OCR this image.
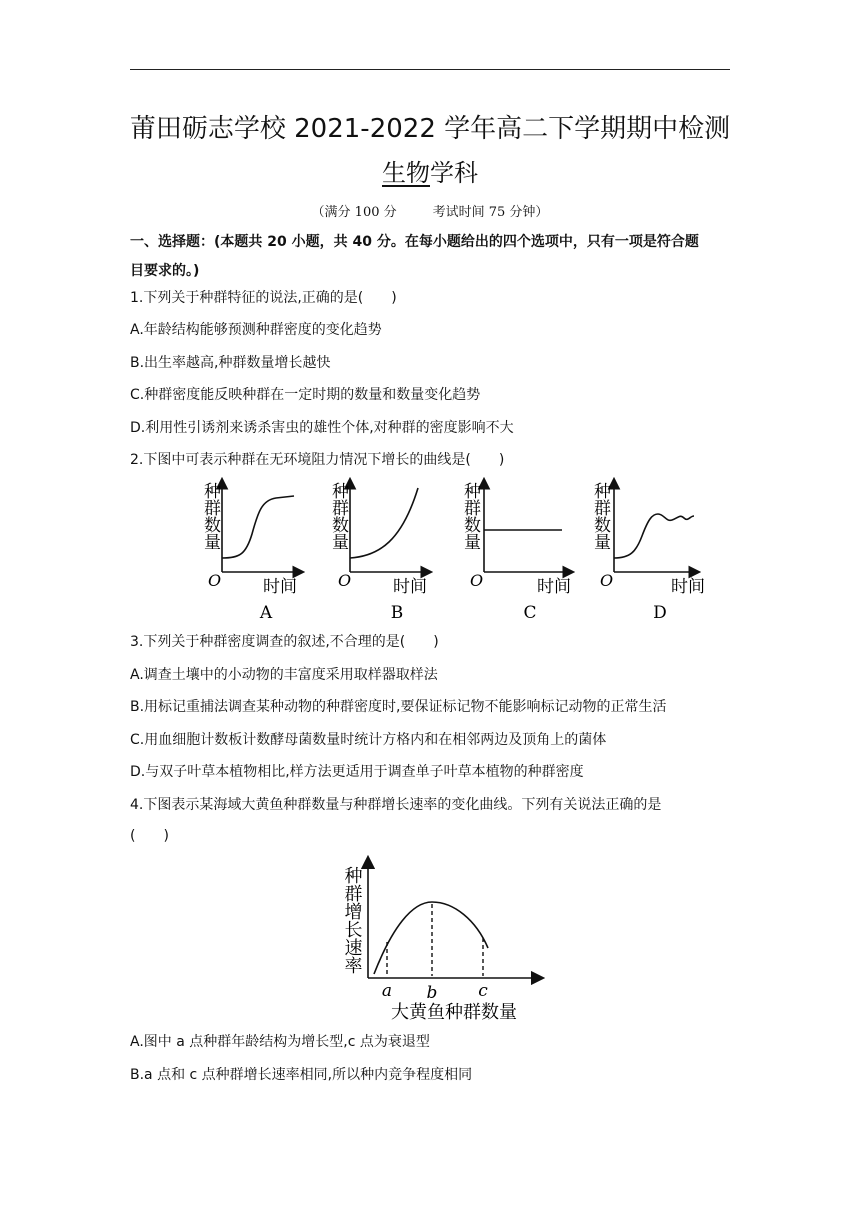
莆田砺志学校 2021-2022 学年高二下学期期中检测
生物学科
（满分 100 分	考试时间 75 分钟）
一、选择题：(本题共 20 小题，共 40 分。在每小题给出的四个选项中，只有一项是符合题
目要求的。)
1.下列关于种群特征的说法,正确的是(　　)
A.年龄结构能够预测种群密度的变化趋势
B.出生率越高,种群数量增长越快
C.种群密度能反映种群在一定时期的数量和数量变化趋势
D.利用性引诱剂来诱杀害虫的雄性个体,对种群的密度影响不大
2.下图中可表示种群在无环境阻力情况下增长的曲线是(　　)
种群数量
O 时间
A
种群数量
O 时间
B
种群数量
O	时间
C
种群数量
O	时间
D
3.下列关于种群密度调查的叙述,不合理的是(　　)
A.调查土壤中的小动物的丰富度采用取样器取样法
B.用标记重捕法调查某种动物的种群密度时,要保证标记物不能影响标记动物的正常生活
C.用血细胞计数板计数酵母菌数量时统计方格内和在相邻两边及顶角上的菌体
D.与双子叶草本植物相比,样方法更适用于调查单子叶草本植物的种群密度
4.下图表示某海域大黄鱼种群数量与种群增长速率的变化曲线。下列有关说法正确的是
(　　)
种群增长速率
a b c
大黄鱼种群数量
A.图中 a 点种群年龄结构为增长型,c 点为衰退型
B.a 点和 c 点种群增长速率相同,所以种内竞争程度相同
